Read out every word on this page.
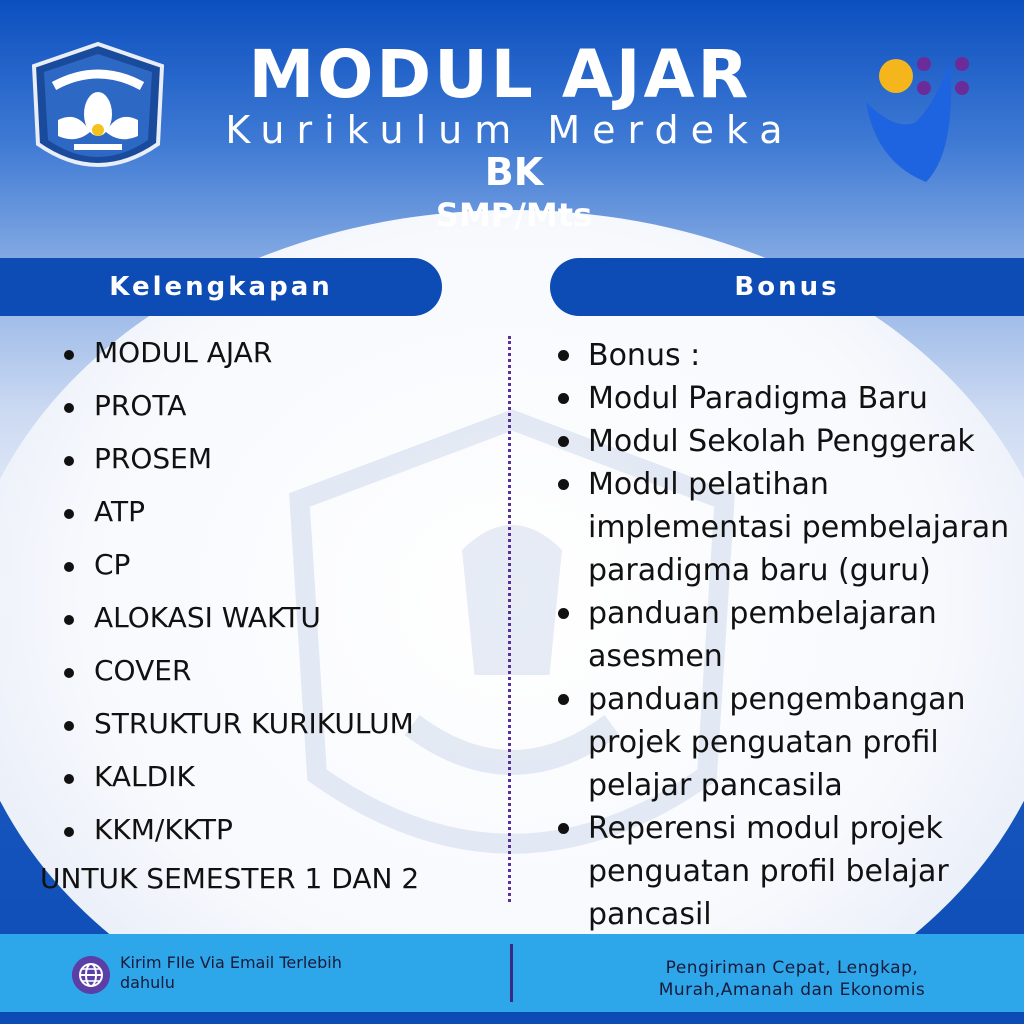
MODUL AJAR
Kurikulum Merdeka
BK
SMP/Mts
Kelengkapan	Bonus
MODUL AJAR
PROTA
PROSEM
ATP
CP
ALOKASI WAKTU
COVER
STRUKTUR KURIKULUM
KALDIK
KKM/KKTP
UNTUK SEMESTER 1 DAN 2
Bonus :
Modul Paradigma Baru
Modul Sekolah Penggerak
Modul pelatihan implementasi pembelajaran paradigma baru (guru)
panduan pembelajaran asesmen
panduan pengembangan projek penguatan profil pelajar pancasila
Reperensi modul projek penguatan profil belajar pancasil
Kirim FIle Via Email Terlebih dahulu
Pengiriman Cepat, Lengkap, Murah,Amanah dan Ekonomis
